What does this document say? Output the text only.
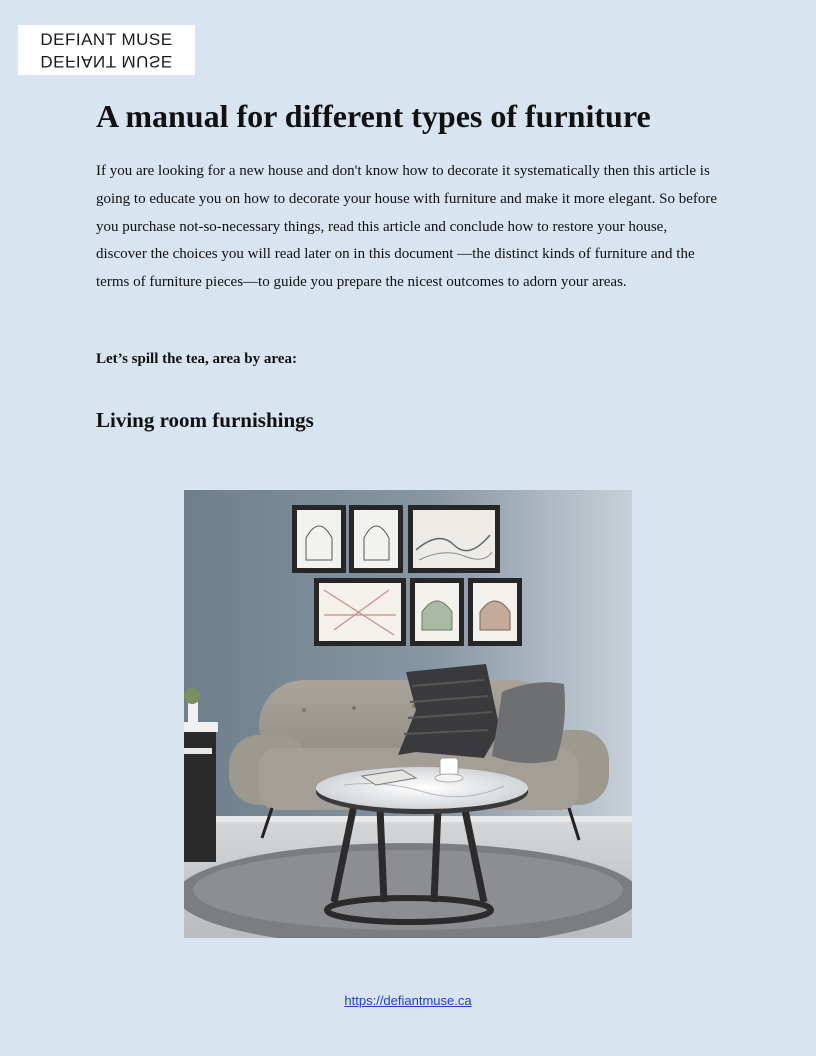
DEFIANT MUSE
DEFIANT MUSE
A manual for different types of furniture

If you are looking for a new house and don't know how to decorate it systematically then this article is going to educate you on how to decorate your house with furniture and make it more elegant. So before you purchase not-so-necessary things, read this article and conclude how to restore your house, discover the choices you will read later on in this document —the distinct kinds of furniture and the terms of furniture pieces—to guide you prepare the nicest outcomes to adorn your areas.

Let’s spill the tea, area by area:

Living room furnishings
https://defiantmuse.ca
